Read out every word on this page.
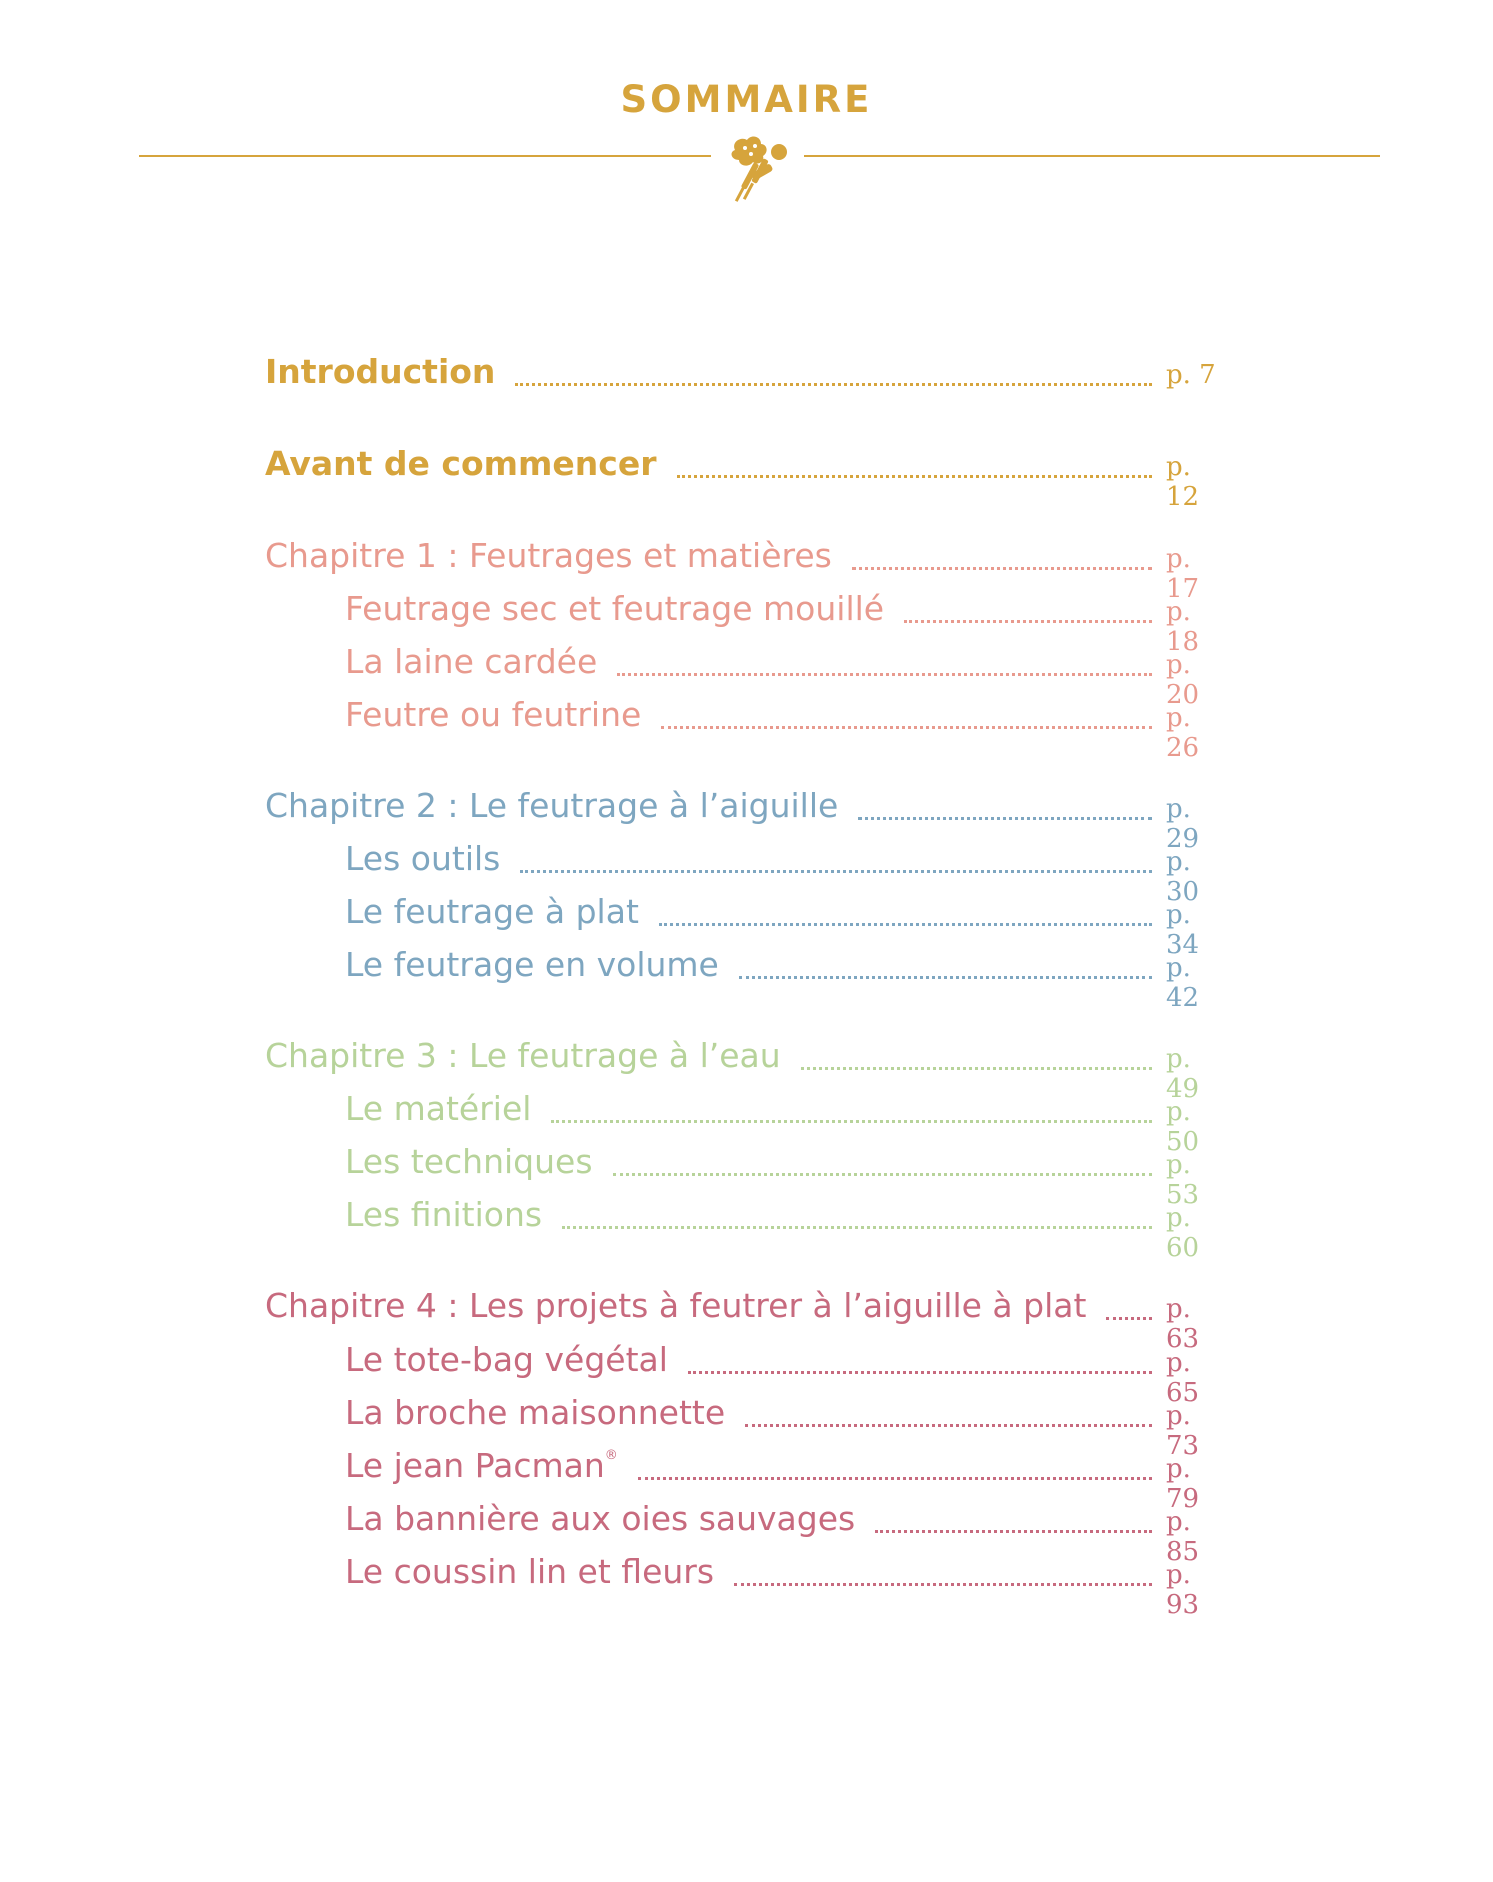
SOMMAIRE
Introduction	p. 7
Avant de commencer	p. 12
Chapitre 1 : Feutrages et matières	p. 17
Feutrage sec et feutrage mouillé	p. 18
La laine cardée	p. 20
Feutre ou feutrine	p. 26
Chapitre 2 : Le feutrage à l’aiguille	p. 29
Les outils	p. 30
Le feutrage à plat	p. 34
Le feutrage en volume	p. 42
Chapitre 3 : Le feutrage à l’eau	p. 49
Le matériel	p. 50
Les techniques	p. 53
Les finitions	p. 60
Chapitre 4 : Les projets à feutrer à l’aiguille à plat	p. 63
Le tote-bag végétal	p. 65
La broche maisonnette	p. 73
Le jean Pacman®	p. 79
La bannière aux oies sauvages	p. 85
Le coussin lin et fleurs	p. 93
